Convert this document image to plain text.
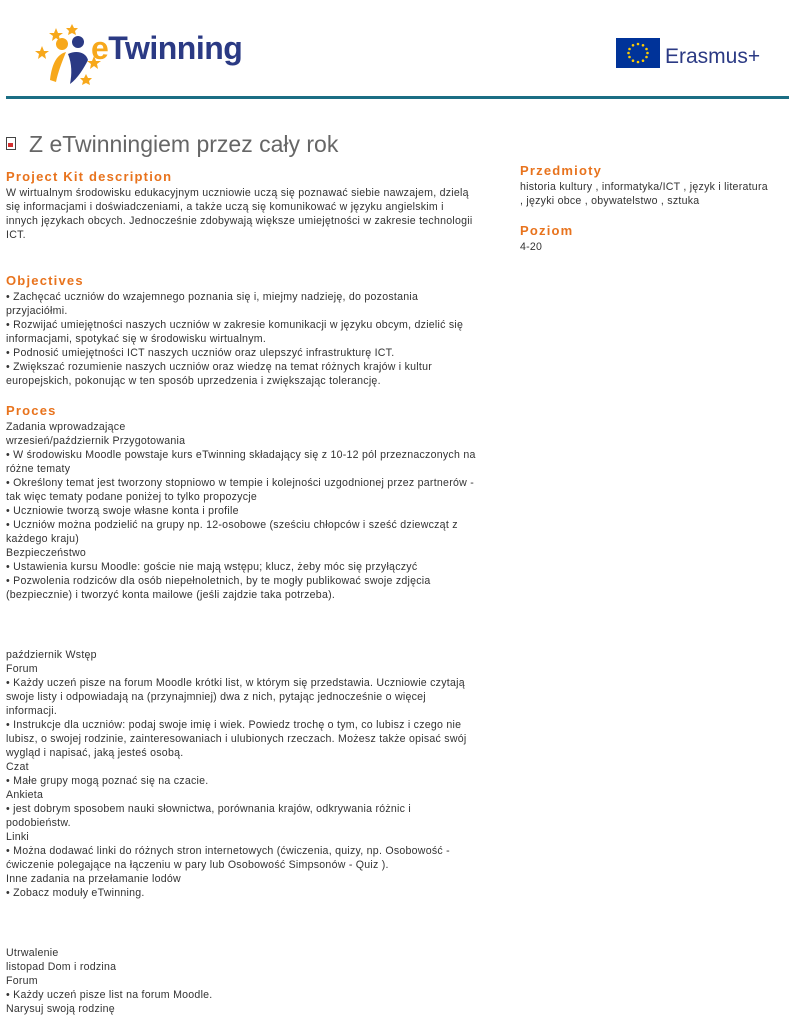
eTwinning	Erasmus+
Z eTwinningiem przez cały rok
Project Kit description
W wirtualnym środowisku edukacyjnym uczniowie uczą się poznawać siebie nawzajem, dzielą
się informacjami i doświadczeniami, a także uczą się komunikować w języku angielskim i
innych językach obcych. Jednocześnie zdobywają większe umiejętności w zakresie technologii
ICT.
Przedmioty
historia kultury , informatyka/ICT , język i literatura
, języki obce , obywatelstwo , sztuka
Poziom
4-20
Objectives
• Zachęcać uczniów do wzajemnego poznania się i, miejmy nadzieję, do pozostania
przyjaciółmi.
• Rozwijać umiejętności naszych uczniów w zakresie komunikacji w języku obcym, dzielić się
informacjami, spotykać się w środowisku wirtualnym.
• Podnosić umiejętności ICT naszych uczniów oraz ulepszyć infrastrukturę ICT.
• Zwiększać rozumienie naszych uczniów oraz wiedzę na temat różnych krajów i kultur
europejskich, pokonując w ten sposób uprzedzenia i zwiększając tolerancję.
Proces
Zadania wprowadzające
wrzesień/październik Przygotowania
• W środowisku Moodle powstaje kurs eTwinning składający się z 10-12 pól przeznaczonych na
różne tematy
• Określony temat jest tworzony stopniowo w tempie i kolejności uzgodnionej przez partnerów -
tak więc tematy podane poniżej to tylko propozycje
• Uczniowie tworzą swoje własne konta i profile
• Uczniów można podzielić na grupy np. 12-osobowe (sześciu chłopców i sześć dziewcząt z
każdego kraju)
Bezpieczeństwo
• Ustawienia kursu Moodle: goście nie mają wstępu; klucz, żeby móc się przyłączyć
• Pozwolenia rodziców dla osób niepełnoletnich, by te mogły publikować swoje zdjęcia
(bezpiecznie) i tworzyć konta mailowe (jeśli zajdzie taka potrzeba).
październik Wstęp
Forum
• Każdy uczeń pisze na forum Moodle krótki list, w którym się przedstawia. Uczniowie czytają
swoje listy i odpowiadają na (przynajmniej) dwa z nich, pytając jednocześnie o więcej
informacji.
• Instrukcje dla uczniów: podaj swoje imię i wiek. Powiedz trochę o tym, co lubisz i czego nie
lubisz, o swojej rodzinie, zainteresowaniach i ulubionych rzeczach. Możesz także opisać swój
wygląd i napisać, jaką jesteś osobą.
Czat
• Małe grupy mogą poznać się na czacie.
Ankieta
• jest dobrym sposobem nauki słownictwa, porównania krajów, odkrywania różnic i
podobieństw.
Linki
• Można dodawać linki do różnych stron internetowych (ćwiczenia, quizy, np. Osobowość -
ćwiczenie polegające na łączeniu w pary lub Osobowość Simpsonów - Quiz ).
Inne zadania na przełamanie lodów
• Zobacz moduły eTwinning.
Utrwalenie
listopad Dom i rodzina
Forum
• Każdy uczeń pisze list na forum Moodle.
Narysuj swoją rodzinę
